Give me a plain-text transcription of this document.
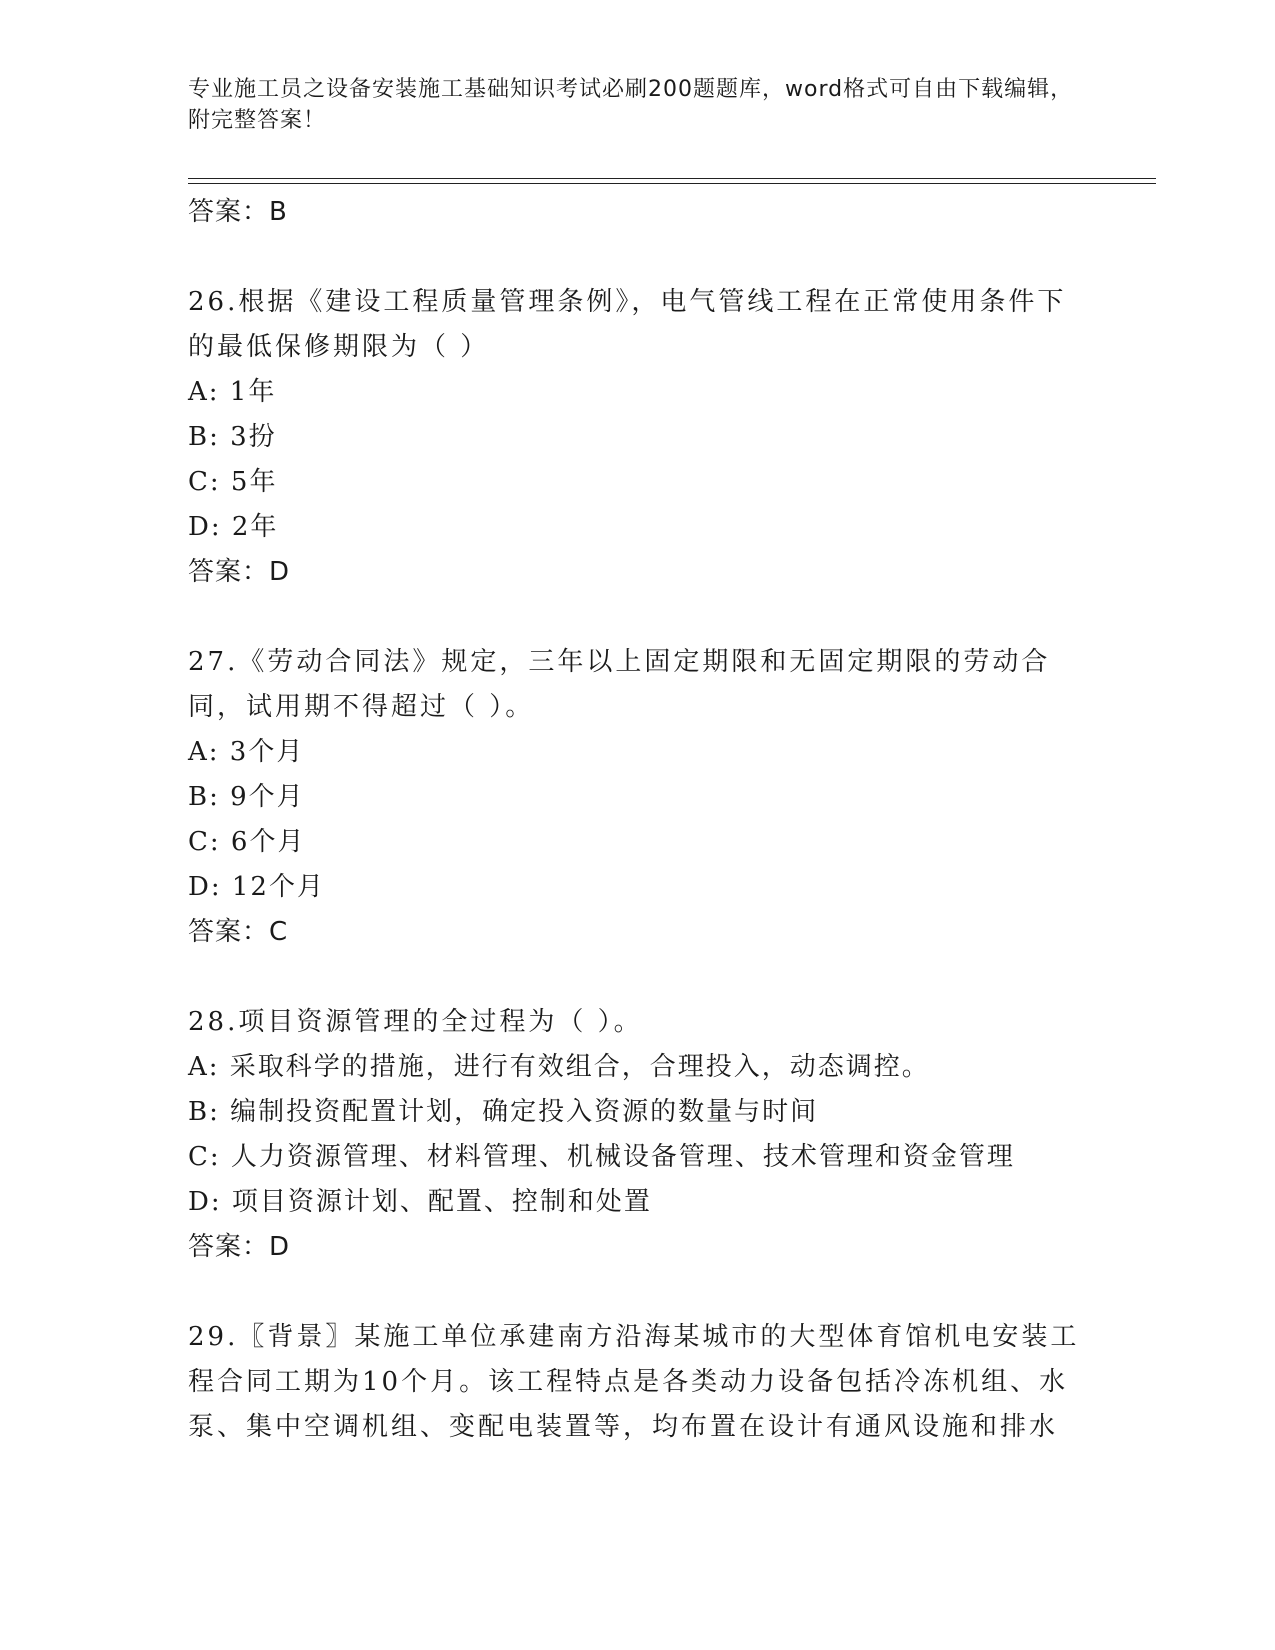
专业施工员之设备安装施工基础知识考试必刷200题题库，word格式可自由下载编辑，附完整答案！
答案：B
26.根据《建设工程质量管理条例》，电气管线工程在正常使用条件下的最低保修期限为（ ）
A: 1年
B: 3扮
C: 5年
D: 2年
答案：D
27.《劳动合同法》规定，三年以上固定期限和无固定期限的劳动合同，试用期不得超过（ ）。
A: 3个月
B: 9个月
C: 6个月
D: 12个月
答案：C
28.项目资源管理的全过程为（ ）。
A: 采取科学的措施，进行有效组合，合理投入，动态调控。
B: 编制投资配置计划，确定投入资源的数量与时间
C: 人力资源管理、材料管理、机械设备管理、技术管理和资金管理
D: 项目资源计划、配置、控制和处置
答案：D
29.〖背景〗某施工单位承建南方沿海某城市的大型体育馆机电安装工程合同工期为10个月。该工程特点是各类动力设备包括冷冻机组、水泵、集中空调机组、变配电装置等，均布置在设计有通风设施和排水
